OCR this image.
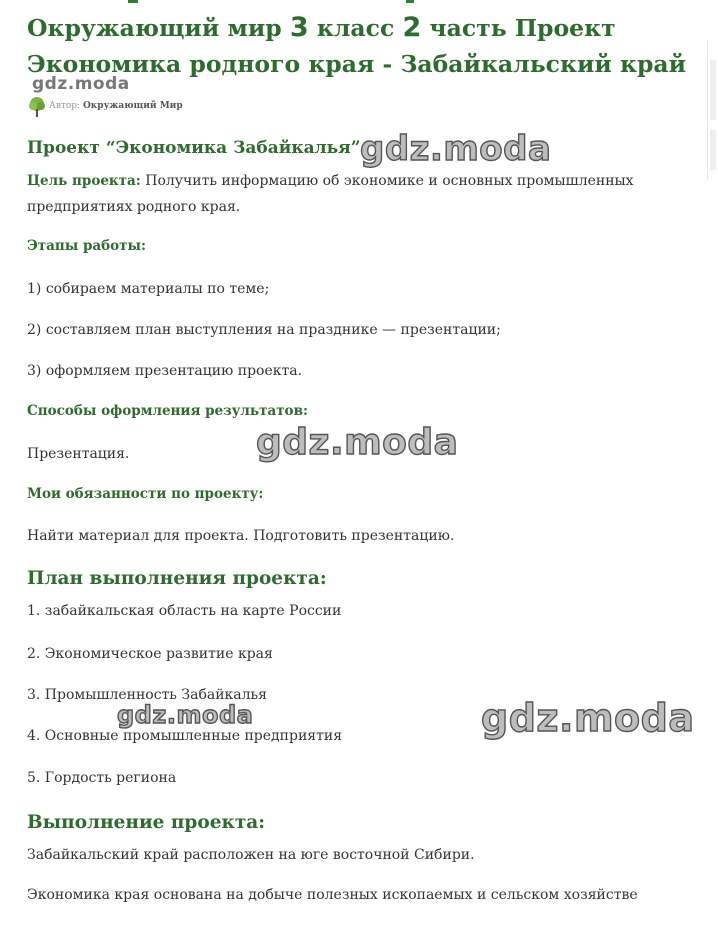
Окружающий мир 3 класс 2 часть Проект Экономика родного края - Забайкальский край
gdz.moda
Автор: Окружающий Мир
Проект “Экономика Забайкалья”

Цель проекта: Получить информацию об экономике и основных промышленных предприятиях родного края.

Этапы работы:

1) собираем материалы по теме;

2) составляем план выступления на празднике — презентации;

3) оформляем презентацию проекта.

Способы оформления результатов:

Презентация.

Мои обязанности по проекту:

Найти материал для проекта. Подготовить презентацию.

План выполнения проекта:

1. забайкальская область на карте России

2. Экономическое развитие края

3. Промышленность Забайкалья

4. Основные промышленные предприятия

5. Гордость региона

Выполнение проекта:

Забайкальский край расположен на юге восточной Сибири.

Экономика края основана на добыче полезных ископаемых и сельском хозяйстве
gdz.moda
gdz.moda
gdz.moda	gdz.moda
